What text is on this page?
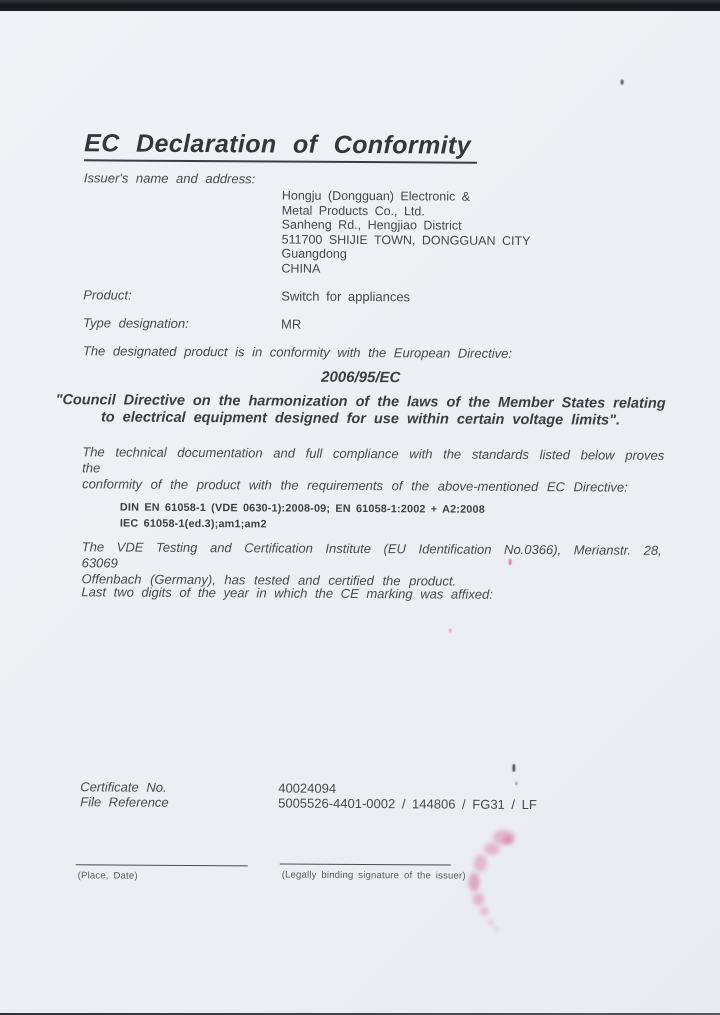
EC Declaration of Conformity
Issuer's name and address:
Hongju (Dongguan) Electronic &
Metal Products Co., Ltd.
Sanheng Rd., Hengjiao District
511700 SHIJIE TOWN, DONGGUAN CITY
Guangdong
CHINA
Product:	Switch for appliances
Type designation:	MR
The designated product is in conformity with the European Directive:
2006/95/EC
"Council Directive on the harmonization of the laws of the Member States relating
to electrical equipment designed for use within certain voltage limits".
The technical documentation and full compliance with the standards listed below proves the
conformity of the product with the requirements of the above-mentioned EC Directive:
DIN EN 61058-1 (VDE 0630-1):2008-09; EN 61058-1:2002 + A2:2008
IEC 61058-1(ed.3);am1;am2
The VDE Testing and Certification Institute (EU Identification No.0366), Merianstr. 28, 63069
Offenbach (Germany), has tested and certified the product.
Last two digits of the year in which the CE marking was affixed:
Certificate No.	40024094
File Reference	5005526-4401-0002 / 144806 / FG31 / LF
(Place, Date)	(Legally binding signature of the issuer)
